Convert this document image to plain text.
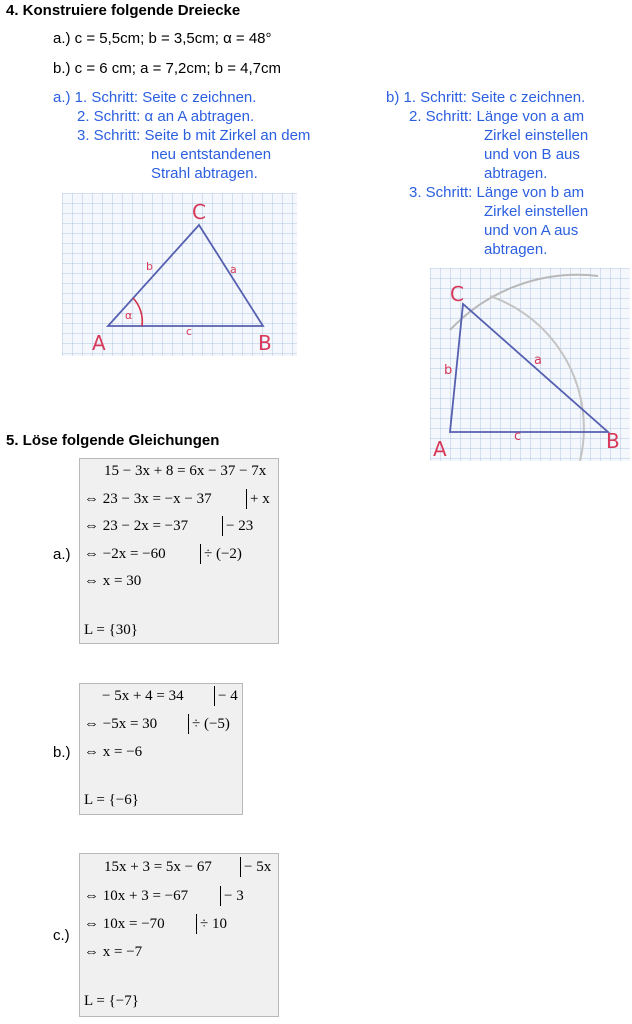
4. Konstruiere folgende Dreiecke
a.) c = 5,5cm; b = 3,5cm; α = 48°
b.) c = 6 cm; a = 7,2cm; b = 4,7cm
a.) 1. Schritt: Seite c zeichnen.
2. Schritt: α an A abtragen.
3. Schritt: Seite b mit Zirkel an dem
neu entstandenen
Strahl abtragen.
b) 1. Schritt: Seite c zeichnen.
2. Schritt: Länge von a am
Zirkel einstellen
und von B aus
abtragen.
3. Schritt: Länge von b am
Zirkel einstellen
und von A aus
abtragen.
A	B
C
b	a
c
α
A	B
C
b
a
c
5. Löse folgende Gleichungen
a.)
15 − 3x + 8 = 6x − 37 − 7x
⇔ 23 − 3x = −x − 37	+ x
⇔ 23 − 2x = −37	− 23
⇔ −2x = −60	÷ (−2)
⇔ x = 30
L = {30}
b.)
− 5x + 4 = 34 − 4
⇔ −5x = 30 ÷ (−5)
⇔ x = −6
L = {−6}
c.)
15x + 3 = 5x − 67 − 5x
⇔ 10x + 3 = −67 − 3
⇔ 10x = −70 ÷ 10
⇔ x = −7
L = {−7}
